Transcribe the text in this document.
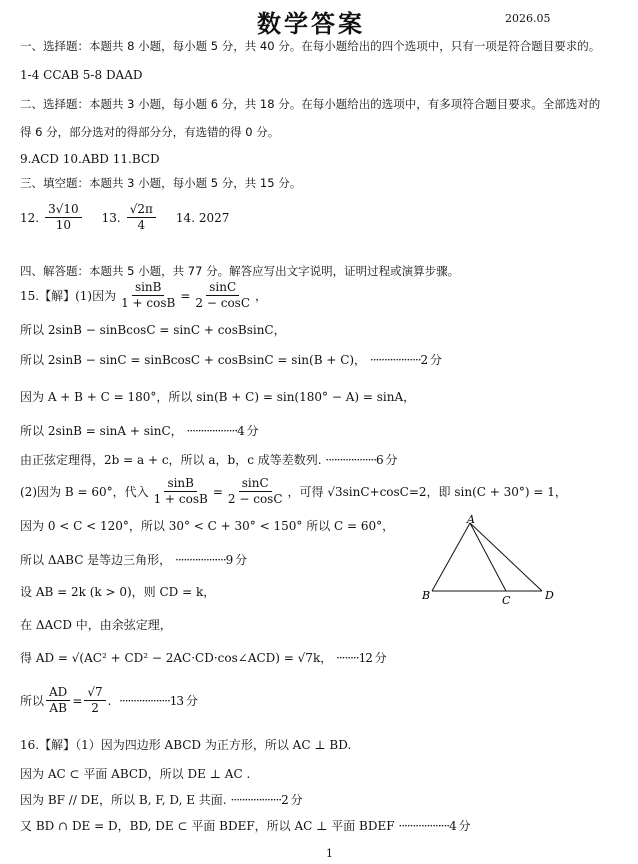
数学答案	2026.05
一、选择题：本题共 8 小题，每小题 5 分，共 40 分。在每小题给出的四个选项中，只有一项是符合题目要求的。
1-4 CCAB 5-8 DAAD
二、选择题：本题共 3 小题，每小题 6 分，共 18 分。在每小题给出的选项中，有多项符合题目要求。全部选对的
得 6 分，部分选对的得部分分，有选错的得 0 分。
9.ACD 10.ABD 11.BCD
三、填空题：本题共 3 小题，每小题 5 分，共 15 分。
12. $\frac{3√10}{10} 13$. $\frac{√2\pi}{4} 14$. 2027
四、解答题：本题共 5 小题，共 77 分。解答应写出文字说明，证明过程或演算步骤。
15.【解】(1)因为 $\frac{\sin B}{1 + \cos B} = \frac{\sin C}{2 - \cos C}$ ，
所以 2sinB − sinBcosC = sinC + cosBsinC，
所以 2sinB − sinC = sinBcosC + cosBsinC = sin(B + C)， ··················2 分
因为 A + B + C = 180°，所以 sin(B + C) = sin(180° − A) = sinA，
所以 2sinB = sinA + sinC， ··················4 分
由正弦定理得，2b = a + c，所以 a，b，c 成等差数列. ··················6 分
(2)因为 B = 60°，代入 $\frac{\sin B}{1 + \cos B} = \frac{\sin C}{2 - \cos C}$ ，可得 √3sinC+cosC=2，即 sin(C + 30°) = 1，
因为 0 < C < 120°，所以 30° < C + 30° < 150° 所以 C = 60°，
所以 ΔABC 是等边三角形， ··················9 分
设 AB = 2k (k > 0)，则 CD = k，
在 ΔACD 中，由余弦定理，
得 AD = √(AC² + CD² − 2AC·CD·cos∠ACD) = √7k， ········12 分
所以 $\frac{AD}{AB} = \frac{√7}{2}$ . ··················13 分
A
B	C	D
16.【解】（1）因为四边形 ABCD 为正方形，所以 AC ⊥ BD.
因为 AC ⊂ 平面 ABCD，所以 DE ⊥ AC .
因为 BF // DE，所以 B, F, D, E 共面. ··················2 分
又 BD ∩ DE = D，BD, DE ⊂ 平面 BDEF，所以 AC ⊥ 平面 BDEF ··················4 分
1
